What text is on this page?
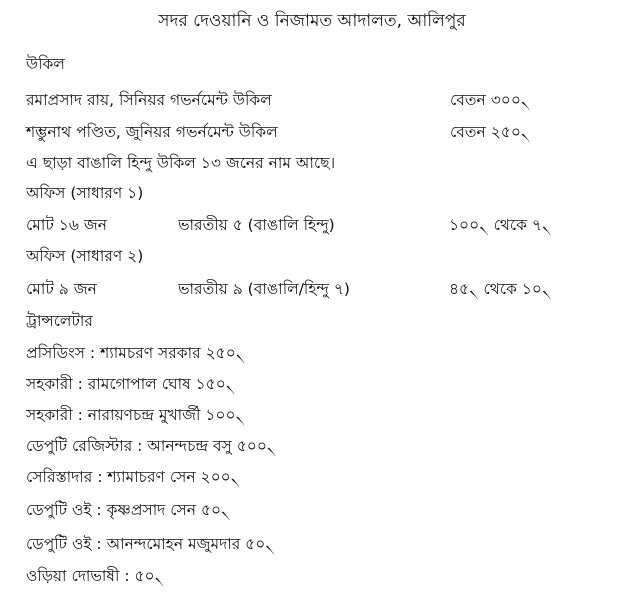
সদর দেওয়ানি ও নিজামত আদালত, আলিপুর
উকিল
রমাপ্রসাদ রায়, সিনিয়র গভর্নমেন্ট উকিল	বেতন ৩০০৲
শম্ভুনাথ পণ্ডিত, জুনিয়র গভর্নমেন্ট উকিল	বেতন ২৫০৲
এ ছাড়া বাঙালি হিন্দু উকিল ১৩ জনের নাম আছে।
অফিস (সাধারণ ১)
মোট ১৬ জন	ভারতীয় ৫ (বাঙালি হিন্দু)	১০০৲ থেকে ৭৲
অফিস (সাধারণ ২)
মোট ৯ জন	ভারতীয় ৯ (বাঙালি/হিন্দু ৭)	৪৫৲ থেকে ১০৲
ট্রান্সলেটার
প্রসিডিংস : শ্যামচরণ সরকার ২৫০৲
সহকারী : রামগোপাল ঘোষ ১৫০৲
সহকারী : নারায়ণচন্দ্র মুখার্জী ১০০৲
ডেপুটি রেজিস্টার : আনন্দচন্দ্র বসু ৫০০৲
সেরিস্তাদার : শ্যামাচরণ সেন ২০০৲
ডেপুটি ওই : কৃষ্ণপ্রসাদ সেন ৫০৲
ডেপুটি ওই : আনন্দমোহন মজুমদার ৫০৲
ওড়িয়া দোভাষী : ৫০৲
